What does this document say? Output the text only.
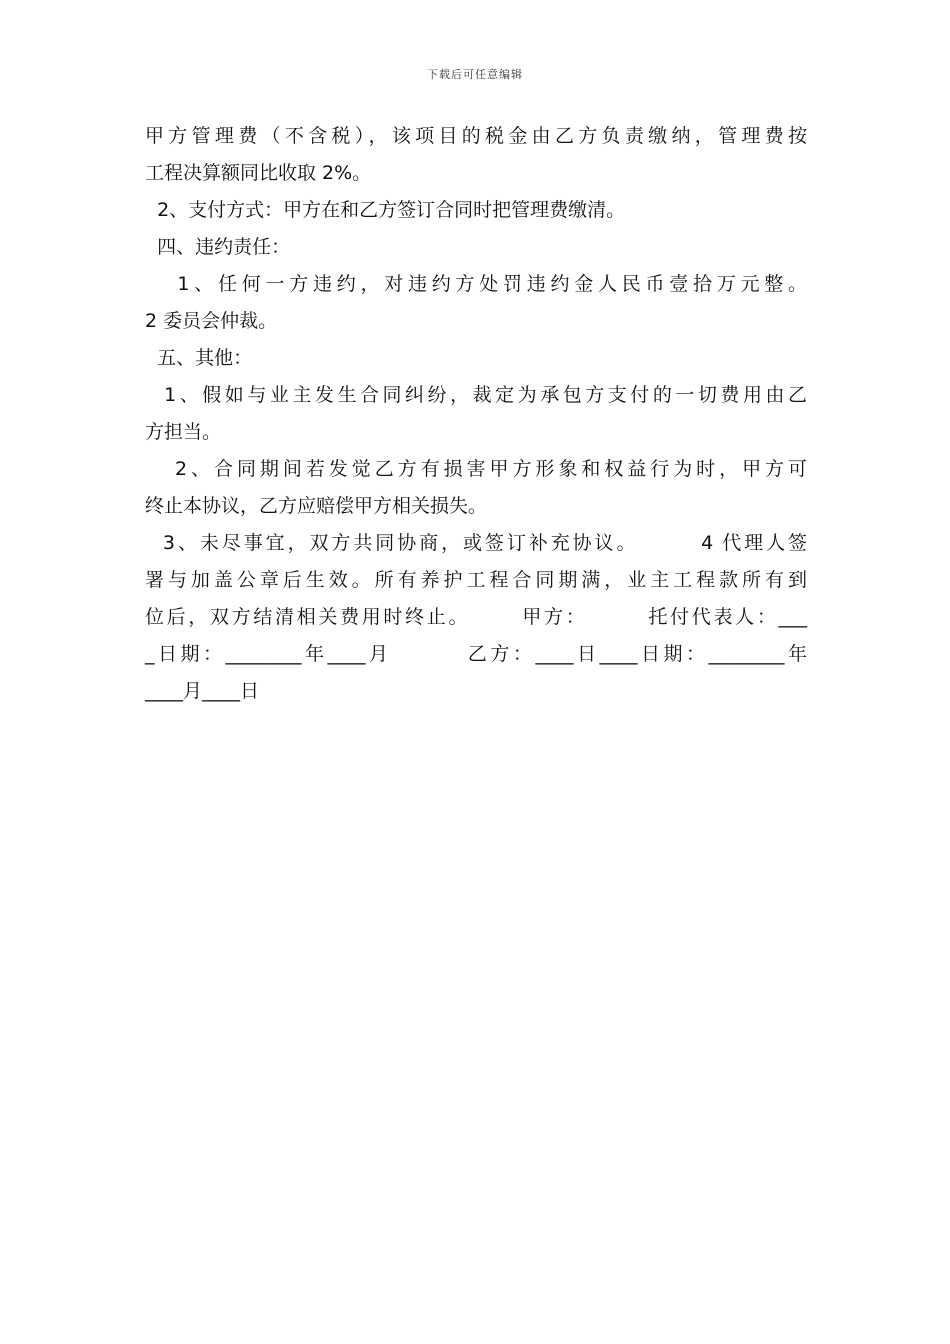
下载后可任意编辑
甲方管理费（不含税），该项目的税金由乙方负责缴纳，管理费按
工程决算额同比收取 2%。
2、支付方式：甲方在和乙方签订合同时把管理费缴清。
四、违约责任：
1、任何一方违约，对违约方处罚违约金人民币壹拾万元整。
2 委员会仲裁。
五、其他：
1、假如与业主发生合同纠纷，裁定为承包方支付的一切费用由乙
方担当。
2、合同期间若发觉乙方有损害甲方形象和权益行为时，甲方可
终止本协议，乙方应赔偿甲方相关损失。
3、未尽事宜，双方共同协商，或签订补充协议。       4 代理人签
署与加盖公章后生效。所有养护工程合同期满，业主工程款所有到
位后，双方结清相关费用时终止。      甲方：       托付代表人：___
_日期：________年____月        乙方：____日____日期：________年
____月____日
